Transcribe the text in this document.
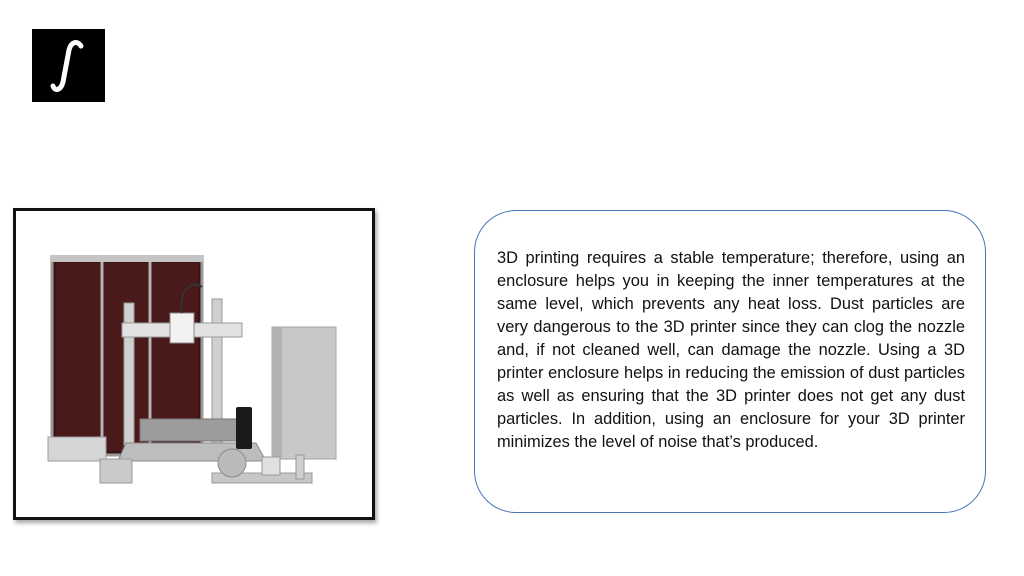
3D printing requires a stable temperature; therefore, using an enclosure helps you in keeping the inner temperatures at the same level, which prevents any heat loss. Dust particles are very dangerous to the 3D printer since they can clog the nozzle and, if not cleaned well, can damage the nozzle. Using a 3D printer enclosure helps in reducing the emission of dust particles as well as ensuring that the 3D printer does not get any dust particles. In addition, using an enclosure for your 3D printer minimizes the level of noise that’s produced.
